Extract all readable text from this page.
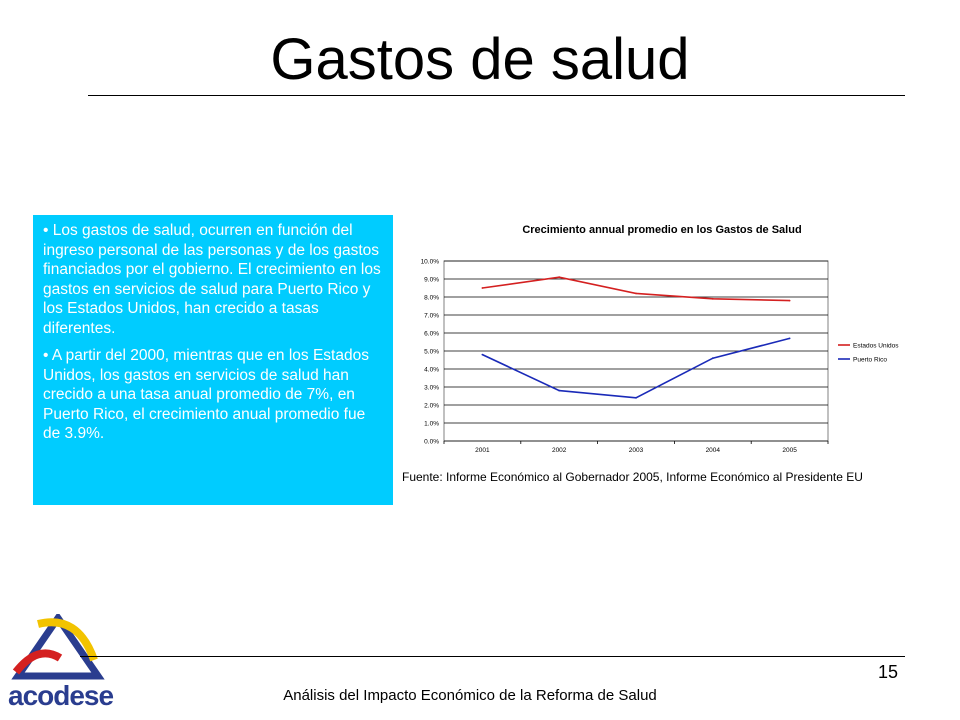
Gastos de salud

• Los gastos de salud, ocurren en función del ingreso personal de las personas y de los gastos financiados por el gobierno. El crecimiento en los gastos en servicios de salud para Puerto Rico y los Estados Unidos, han crecido a tasas diferentes.

• A partir del 2000, mientras que en los Estados Unidos, los gastos en servicios de salud han crecido a una tasa anual promedio de 7%, en Puerto Rico, el crecimiento anual promedio fue de 3.9%.

Crecimiento annual promedio en los Gastos de Salud
0.0%
1.0%
2.0%
3.0%
4.0%
5.0%
6.0%
7.0%
8.0%
9.0%
10.0%
2001	2002	2003	2004	2005
Estados Unidos
Puerto Rico
Fuente: Informe Económico al Gobernador 2005, Informe Económico al Presidente EU
acodese
15
Análisis del Impacto Económico de la Reforma de Salud
